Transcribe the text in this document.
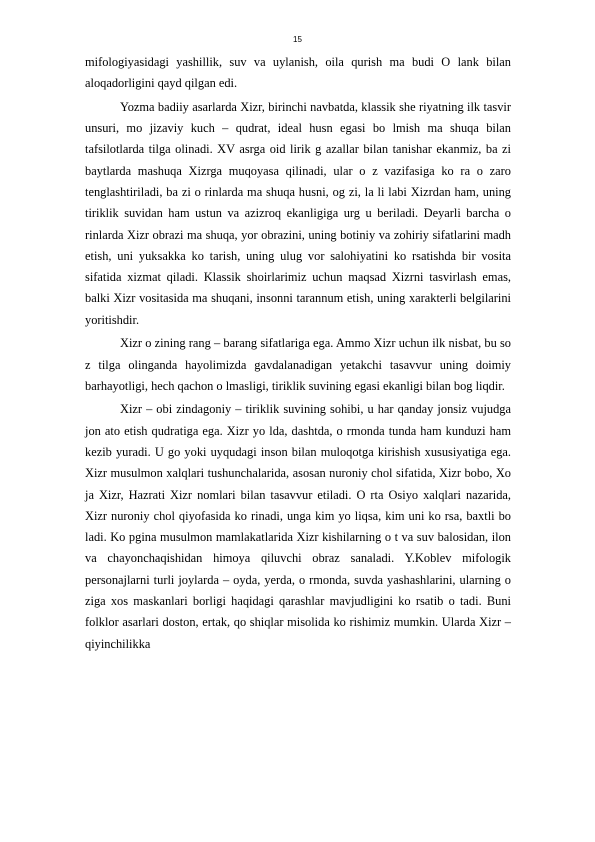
15

mifologiyasidagi yashillik, suv va uylanish, oila qurish ma budi O lank bilan aloqadorligini qayd qilgan edi.

Yozma badiiy asarlarda Xizr, birinchi navbatda, klassik she riyatning ilk tasvir unsuri, mo jizaviy kuch – qudrat, ideal husn egasi bo lmish ma shuqa bilan tafsilotlarda tilga olinadi. XV asrga oid lirik g azallar bilan tanishar ekanmiz, ba zi baytlarda mashuqa Xizrga muqoyasa qilinadi, ular o z vazifasiga ko ra o zaro tenglashtiriladi, ba zi o rinlarda ma shuqa husni, og zi, la li labi Xizrdan ham, uning tiriklik suvidan ham ustun va azizroq ekanligiga urg u beriladi. Deyarli barcha o rinlarda Xizr obrazi ma shuqa, yor obrazini, uning botiniy va zohiriy sifatlarini madh etish, uni yuksakka ko tarish, uning ulug vor salohiyatini ko rsatishda bir vosita sifatida xizmat qiladi. Klassik shoirlarimiz uchun maqsad Xizrni tasvirlash emas, balki Xizr vositasida ma shuqani, insonni tarannum etish, uning xarakterli belgilarini yoritishdir.

Xizr o zining rang – barang sifatlariga ega. Ammo Xizr uchun ilk nisbat, bu so z tilga olinganda hayolimizda gavdalanadigan yetakchi tasavvur uning doimiy barhayotligi, hech qachon o lmasligi, tiriklik suvining egasi ekanligi bilan bog liqdir.

Xizr – obi zindagoniy – tiriklik suvining sohibi, u har qanday jonsiz vujudga jon ato etish qudratiga ega. Xizr yo lda, dashtda, o rmonda tunda ham kunduzi ham kezib yuradi. U go yoki uyqudagi inson bilan muloqotga kirishish xususiyatiga ega. Xizr musulmon xalqlari tushunchalarida, asosan nuroniy chol sifatida, Xizr bobo, Xo ja Xizr, Hazrati Xizr nomlari bilan tasavvur etiladi. O rta Osiyo xalqlari nazarida, Xizr nuroniy chol qiyofasida ko rinadi, unga kim yo liqsa, kim uni ko rsa, baxtli bo ladi. Ko pgina musulmon mamlakatlarida Xizr kishilarning o t va suv balosidan, ilon va chayonchaqishidan himoya qiluvchi obraz sanaladi. Y.Koblev mifologik personajlarni turli joylarda – oyda, yerda, o rmonda, suvda yashashlarini, ularning o ziga xos maskanlari borligi haqidagi qarashlar mavjudligini ko rsatib o tadi. Buni folklor asarlari doston, ertak, qo shiqlar misolida ko rishimiz mumkin. Ularda Xizr – qiyinchilikka
